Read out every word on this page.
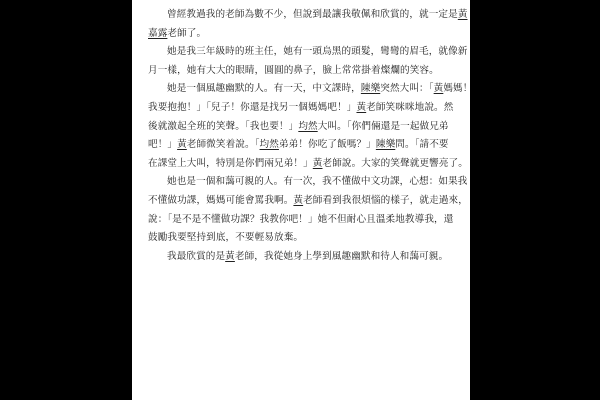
曾經教過我的老師為數不少，但說到最讓我敬佩和欣賞的，就一定是黃
嘉露老師了。
她是我三年級時的班主任，她有一頭烏黑的頭髮，彎彎的眉毛，就像新
月一樣，她有大大的眼睛，圓圓的鼻子，臉上常常掛着燦爛的笑容。
她是一個風趣幽默的人。有一天，中文課時，陳樂突然大叫：「黃媽媽！
我要抱抱！」「兒子！你還是找另一個媽媽吧！」黃老師笑咪咪地說。然
後就激起全班的笑聲。「我也要！」均然大叫。「你們倆還是一起做兄弟
吧！」黃老師微笑着說。「均然弟弟！你吃了飯嗎？」陳樂問。「請不要
在課堂上大叫，特別是你們兩兄弟！」黃老師說。大家的笑聲就更響亮了。
她也是一個和藹可親的人。有一次，我不懂做中文功課，心想：如果我
不懂做功課，媽媽可能會罵我啊。黃老師看到我很煩惱的樣子，就走過來，
說：「是不是不懂做功課？我教你吧！」她不但耐心且溫柔地教導我，還
鼓勵我要堅持到底，不要輕易放棄。
我最欣賞的是黃老師，我從她身上學到風趣幽默和待人和藹可親。
